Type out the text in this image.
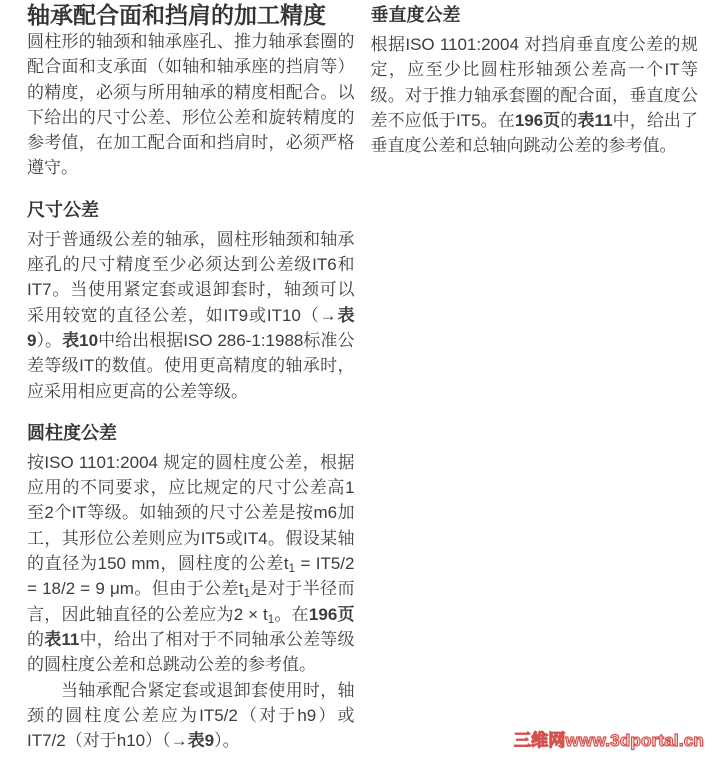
轴承配合面和挡肩的加工精度

圆柱形的轴颈和轴承座孔、推力轴承套圈的配合面和支承面（如轴和轴承座的挡肩等）的精度，必须与所用轴承的精度相配合。以下给出的尺寸公差、形位公差和旋转精度的参考值，在加工配合面和挡肩时，必须严格遵守。

尺寸公差

对于普通级公差的轴承，圆柱形轴颈和轴承座孔的尺寸精度至少必须达到公差级IT6和IT7。当使用紧定套或退卸套时，轴颈可以采用较宽的直径公差，如IT9或IT10（→表9）。表10中给出根据ISO 286-1:1988标准公差等级IT的数值。使用更高精度的轴承时，应采用相应更高的公差等级。

圆柱度公差

按ISO 1101:2004 规定的圆柱度公差，根据应用的不同要求，应比规定的尺寸公差高1至2个IT等级。如轴颈的尺寸公差是按m6加工，其形位公差则应为IT5或IT4。假设某轴的直径为150 mm，圆柱度的公差$t_1 = IT5/2 = 18/2 = 9$ μm。但由于公差$t_1$是对于半径而言，因此轴直径的公差应为$2 \times t_1$。在196页的表11中，给出了相对于不同轴承公差等级的圆柱度公差和总跳动公差的参考值。

当轴承配合紧定套或退卸套使用时，轴颈的圆柱度公差应为IT5/2（对于h9）或IT7/2（对于h10）（→表9）。

垂直度公差

根据ISO 1101:2004 对挡肩垂直度公差的规定，应至少比圆柱形轴颈公差高一个IT等级。对于推力轴承套圈的配合面，垂直度公差不应低于IT5。在196页的表11中，给出了垂直度公差和总轴向跳动公差的参考值。

三维网www.3dportal.cn
